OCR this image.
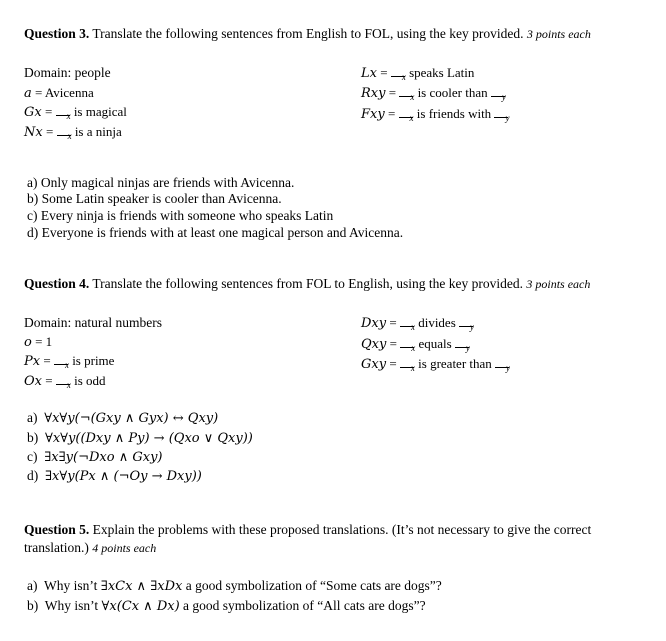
Question 3. Translate the following sentences from English to FOL, using the key provided. 3 points each
Domain: people
a = Avicenna
Gx = $_x$ is magical
Nx = $_x$ is a ninja
Lx = $_x$ speaks Latin
Rxy = $_x$ is cooler than $_y$
Fxy = $_x$ is friends with $_y$
a) Only magical ninjas are friends with Avicenna.
b) Some Latin speaker is cooler than Avicenna.
c) Every ninja is friends with someone who speaks Latin
d) Everyone is friends with at least one magical person and Avicenna.
Question 4. Translate the following sentences from FOL to English, using the key provided. 3 points each
Domain: natural numbers
o = 1
Px = $_x$ is prime
Ox = $_x$ is odd
Dxy = $_x$ divides $_y$
Qxy = $_x$ equals $_y$
Gxy = $_x$ is greater than $_y$
a) ∀x∀y(¬(Gxy ∧ Gyx) ↔ Qxy)
b) ∀x∀y((Dxy ∧ Py) → (Qxo ∨ Qxy))
c) ∃x∃y(¬Dxo ∧ Gxy)
d) ∃x∀y(Px ∧ (¬Oy → Dxy))
Question 5. Explain the problems with these proposed translations. (It’s not necessary to give the correct
translation.) 4 points each
a) Why isn’t ∃xCx ∧ ∃xDx a good symbolization of “Some cats are dogs”?
b) Why isn’t ∀x(Cx ∧ Dx) a good symbolization of “All cats are dogs”?
